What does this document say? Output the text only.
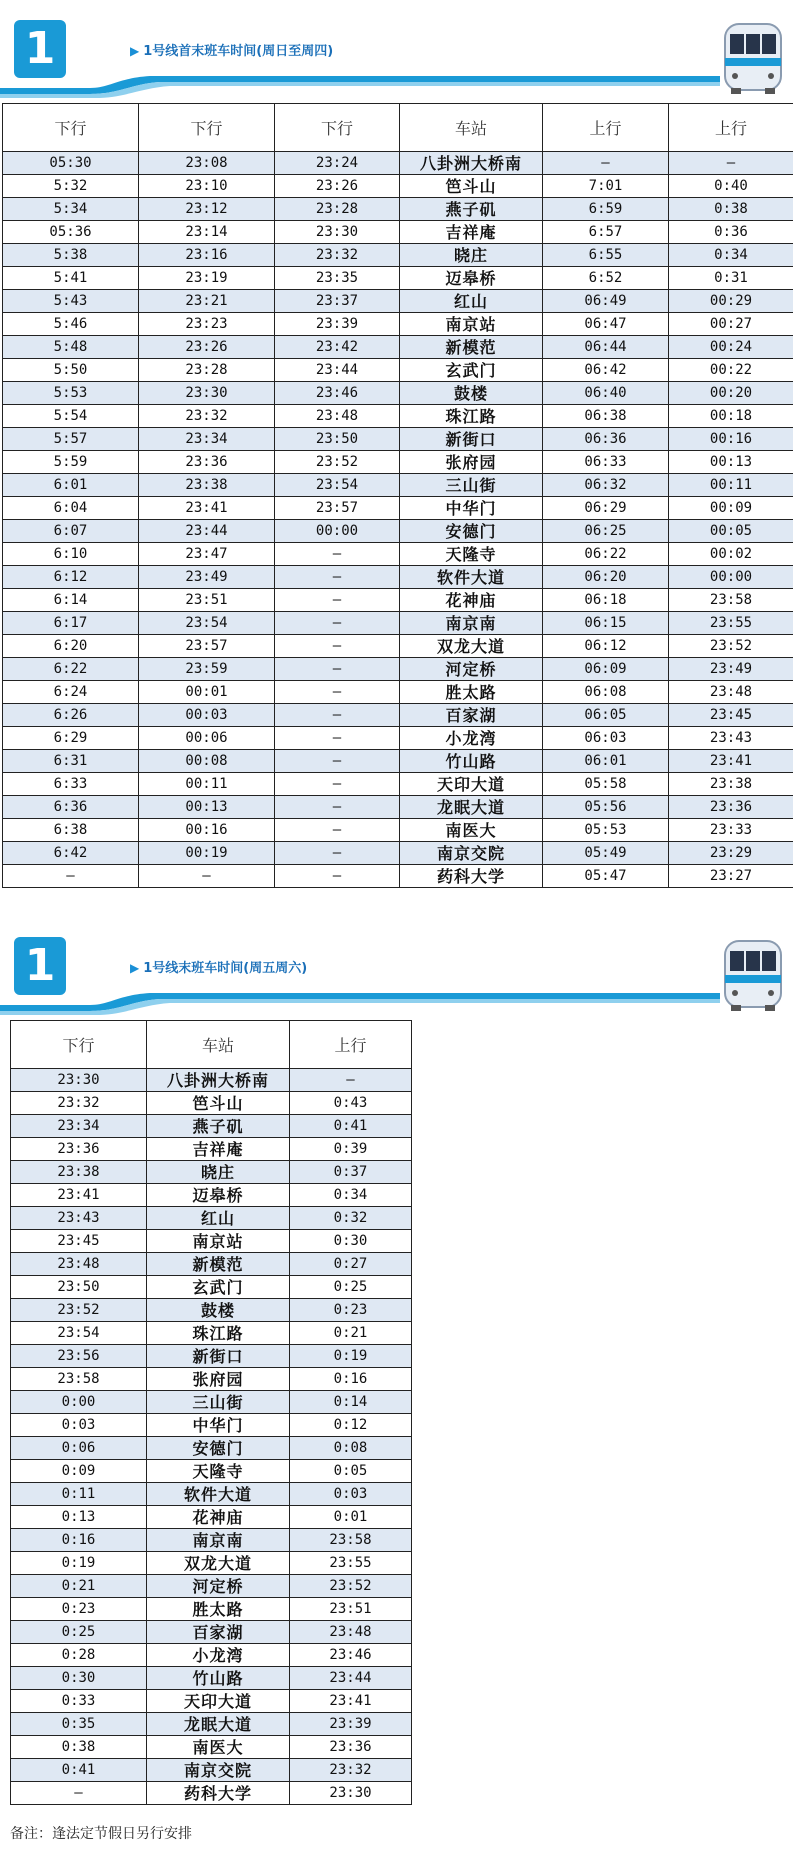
1	▶ 1号线首末班车时间(周日至周四)
下行	下行	下行	车站	上行	上行
05:30	23:08	23:24	八卦洲大桥南	–	–
5:32	23:10	23:26	笆斗山	7:01	0:40
5:34	23:12	23:28	燕子矶	6:59	0:38
05:36	23:14	23:30	吉祥庵	6:57	0:36
5:38	23:16	23:32	晓庄	6:55	0:34
5:41	23:19	23:35	迈皋桥	6:52	0:31
5:43	23:21	23:37	红山	06:49	00:29
5:46	23:23	23:39	南京站	06:47	00:27
5:48	23:26	23:42	新模范	06:44	00:24
5:50	23:28	23:44	玄武门	06:42	00:22
5:53	23:30	23:46	鼓楼	06:40	00:20
5:54	23:32	23:48	珠江路	06:38	00:18
5:57	23:34	23:50	新街口	06:36	00:16
5:59	23:36	23:52	张府园	06:33	00:13
6:01	23:38	23:54	三山街	06:32	00:11
6:04	23:41	23:57	中华门	06:29	00:09
6:07	23:44	00:00	安德门	06:25	00:05
6:10	23:47	—	天隆寺	06:22	00:02
6:12	23:49	—	软件大道	06:20	00:00
6:14	23:51	—	花神庙	06:18	23:58
6:17	23:54	—	南京南	06:15	23:55
6:20	23:57	—	双龙大道	06:12	23:52
6:22	23:59	—	河定桥	06:09	23:49
6:24	00:01	—	胜太路	06:08	23:48
6:26	00:03	—	百家湖	06:05	23:45
6:29	00:06	—	小龙湾	06:03	23:43
6:31	00:08	—	竹山路	06:01	23:41
6:33	00:11	—	天印大道	05:58	23:38
6:36	00:13	—	龙眠大道	05:56	23:36
6:38	00:16	—	南医大	05:53	23:33
6:42	00:19	—	南京交院	05:49	23:29
—	—	—	药科大学	05:47	23:27
1	▶ 1号线末班车时间(周五周六)
下行	车站	上行
23:30	八卦洲大桥南	–
23:32	笆斗山	0:43
23:34	燕子矶	0:41
23:36	吉祥庵	0:39
23:38	晓庄	0:37
23:41	迈皋桥	0:34
23:43	红山	0:32
23:45	南京站	0:30
23:48	新模范	0:27
23:50	玄武门	0:25
23:52	鼓楼	0:23
23:54	珠江路	0:21
23:56	新街口	0:19
23:58	张府园	0:16
0:00	三山街	0:14
0:03	中华门	0:12
0:06	安德门	0:08
0:09	天隆寺	0:05
0:11	软件大道	0:03
0:13	花神庙	0:01
0:16	南京南	23:58
0:19	双龙大道	23:55
0:21	河定桥	23:52
0:23	胜太路	23:51
0:25	百家湖	23:48
0:28	小龙湾	23:46
0:30	竹山路	23:44
0:33	天印大道	23:41
0:35	龙眠大道	23:39
0:38	南医大	23:36
0:41	南京交院	23:32
—	药科大学	23:30
备注：逢法定节假日另行安排
